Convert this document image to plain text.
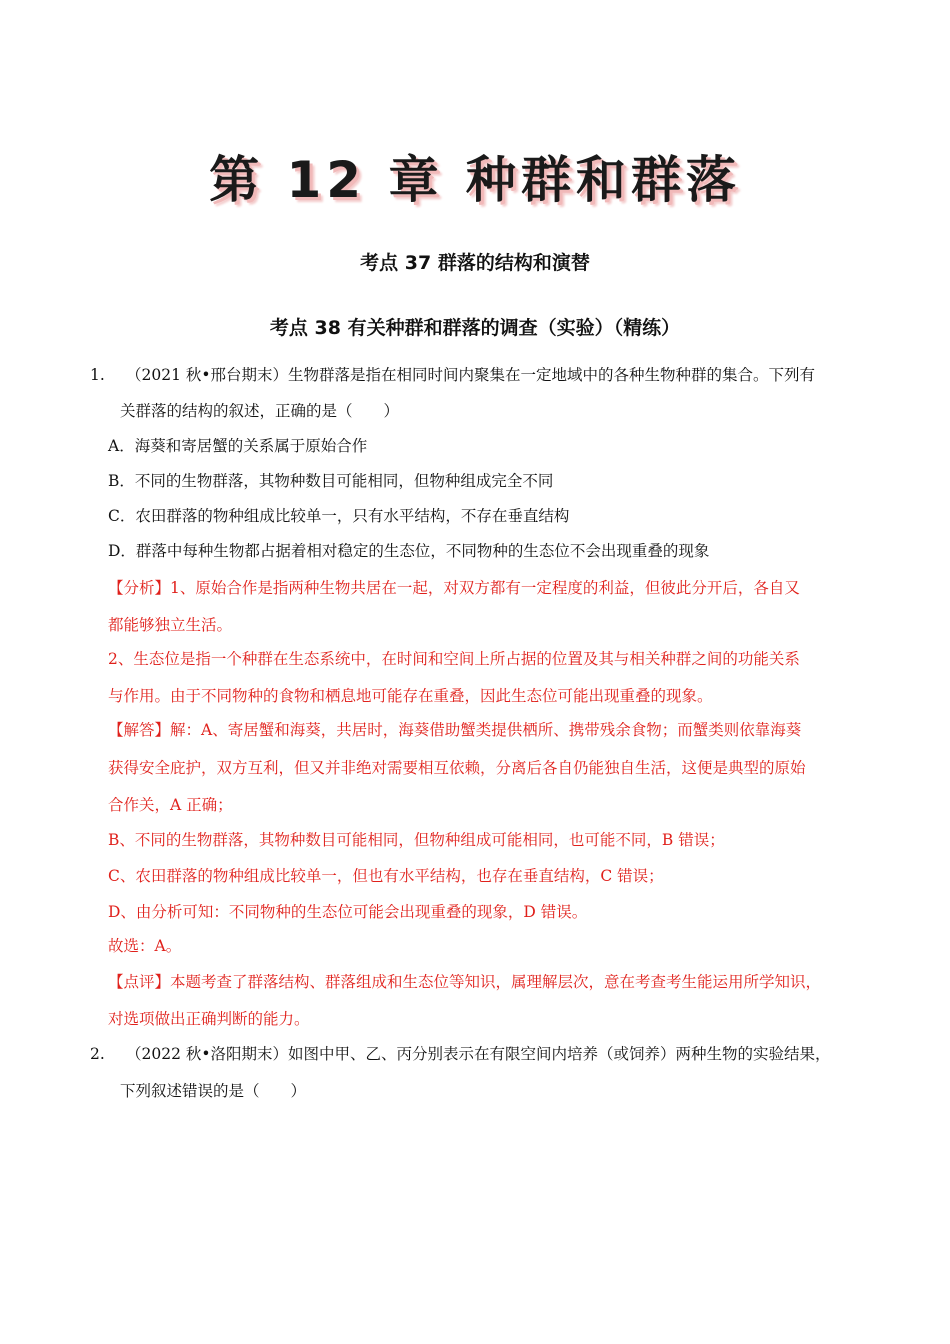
第 12 章 种群和群落
考点 37 群落的结构和演替
考点 38 有关种群和群落的调查（实验）（精练）
1. （2021 秋•邢台期末）生物群落是指在相同时间内聚集在一定地域中的各种生物种群的集合。下列有
关群落的结构的叙述，正确的是（　　）
A．海葵和寄居蟹的关系属于原始合作
B．不同的生物群落，其物种数目可能相同，但物种组成完全不同
C．农田群落的物种组成比较单一，只有水平结构，不存在垂直结构
D．群落中每种生物都占据着相对稳定的生态位，不同物种的生态位不会出现重叠的现象
【分析】1、原始合作是指两种生物共居在一起，对双方都有一定程度的利益，但彼此分开后，各自又
都能够独立生活。
2、生态位是指一个种群在生态系统中，在时间和空间上所占据的位置及其与相关种群之间的功能关系
与作用。由于不同物种的食物和栖息地可能存在重叠，因此生态位可能出现重叠的现象。
【解答】解：A、寄居蟹和海葵，共居时，海葵借助蟹类提供栖所、携带残余食物；而蟹类则依靠海葵
获得安全庇护，双方互利，但又并非绝对需要相互依赖，分离后各自仍能独自生活，这便是典型的原始
合作关，A 正确；
B、不同的生物群落，其物种数目可能相同，但物种组成可能相同，也可能不同，B 错误；
C、农田群落的物种组成比较单一，但也有水平结构，也存在垂直结构，C 错误；
D、由分析可知：不同物种的生态位可能会出现重叠的现象，D 错误。
故选：A。
【点评】本题考查了群落结构、群落组成和生态位等知识，属理解层次，意在考查考生能运用所学知识，
对选项做出正确判断的能力。
2. （2022 秋•洛阳期末）如图中甲、乙、丙分别表示在有限空间内培养（或饲养）两种生物的实验结果，
下列叙述错误的是（　　）
